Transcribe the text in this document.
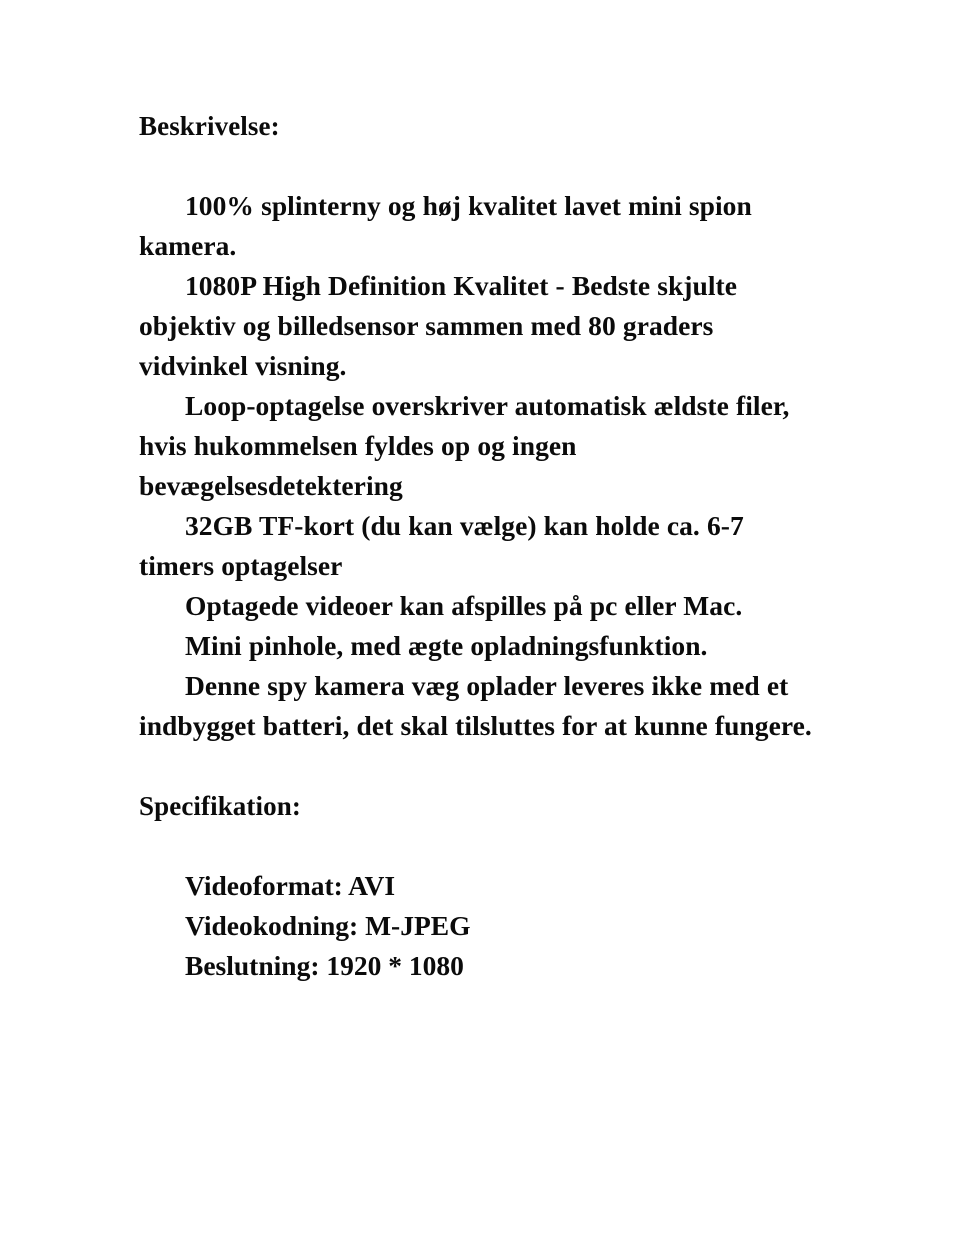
Beskrivelse:

100% splinterny og høj kvalitet lavet mini spion kamera.

1080P High Definition Kvalitet - Bedste skjulte objektiv og billedsensor sammen med 80 graders vidvinkel visning.

Loop-optagelse overskriver automatisk ældste filer, hvis hukommelsen fyldes op og ingen bevægelsesdetektering

32GB TF-kort (du kan vælge) kan holde ca. 6-7 timers optagelser

Optagede videoer kan afspilles på pc eller Mac.

Mini pinhole, med ægte opladningsfunktion.

Denne spy kamera væg oplader leveres ikke med et indbygget batteri, det skal tilsluttes for at kunne fungere.

Specifikation:

Videoformat: AVI

Videokodning: M-JPEG

Beslutning: 1920 * 1080
